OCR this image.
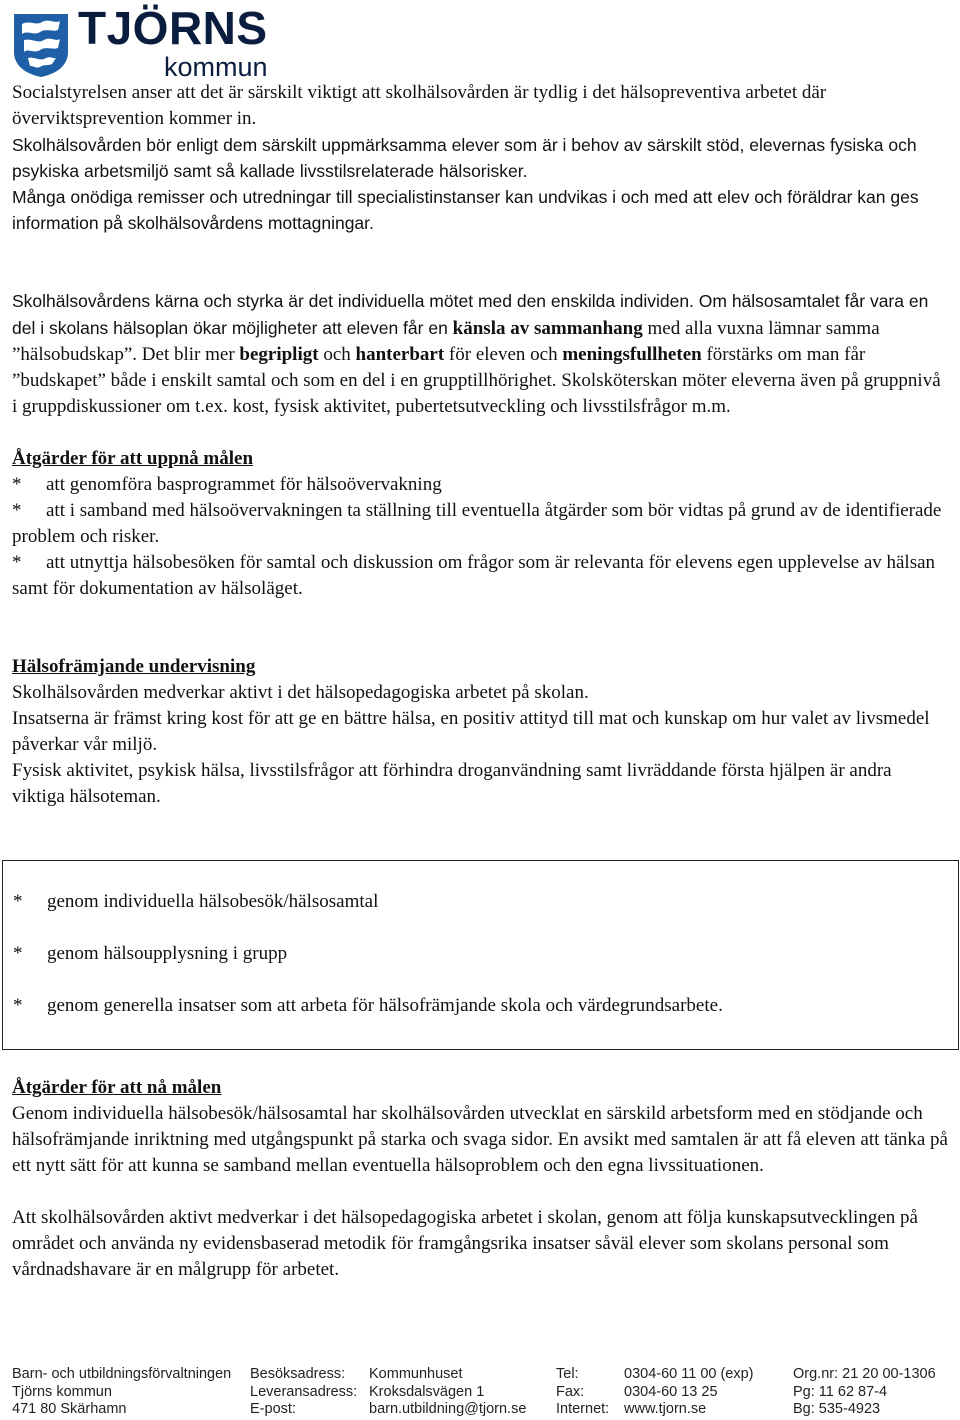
TJÖRNS
kommun

Socialstyrelsen anser att det är särskilt viktigt att skolhälsovården är tydlig i det hälsopreventiva arbetet där överviktsprevention kommer in.

Skolhälsovården bör enligt dem särskilt uppmärksamma elever som är i behov av särskilt stöd, elevernas fysiska och psykiska arbetsmiljö samt så kallade livsstilsrelaterade hälsorisker.

Många onödiga remisser och utredningar till specialistinstanser kan undvikas i och med att elev och föräldrar kan ges information på skolhälsovårdens mottagningar.

Skolhälsovårdens kärna och styrka är det individuella mötet med den enskilda individen. Om hälsosamtalet får vara en del i skolans hälsoplan ökar möjligheter att eleven får en känsla av sammanhang med alla vuxna lämnar samma ”hälsobudskap”. Det blir mer begripligt och hanterbart för eleven och meningsfullheten förstärks om man får ”budskapet” både i enskilt samtal och som en del i en grupptillhörighet. Skolsköterskan möter eleverna även på gruppnivå i gruppdiskussioner om t.ex. kost, fysisk aktivitet, pubertetsutveckling och livsstilsfrågor m.m.

Åtgärder för att uppnå målen

* att genomföra basprogrammet för hälsoövervakning

* att i samband med hälsoövervakningen ta ställning till eventuella åtgärder som bör vidtas på grund av de identifierade problem och risker.

* att utnyttja hälsobesöken för samtal och diskussion om frågor som är relevanta för elevens egen upplevelse av hälsan samt för dokumentation av hälsoläget.

Hälsofrämjande undervisning

Skolhälsovården medverkar aktivt i det hälsopedagogiska arbetet på skolan.

Insatserna är främst kring kost för att ge en bättre hälsa, en positiv attityd till mat och kunskap om hur valet av livsmedel påverkar vår miljö.

Fysisk aktivitet, psykisk hälsa, livsstilsfrågor att förhindra droganvändning samt livräddande första hjälpen är andra viktiga hälsoteman.

* genom individuella hälsobesök/hälsosamtal

* genom hälsoupplysning i grupp

* genom generella insatser som att arbeta för hälsofrämjande skola och värdegrundsarbete.

Åtgärder för att nå målen

Genom individuella hälsobesök/hälsosamtal har skolhälsovården utvecklat en särskild arbetsform med en stödjande och hälsofrämjande inriktning med utgångspunkt på starka och svaga sidor. En avsikt med samtalen är att få eleven att tänka på ett nytt sätt för att kunna se samband mellan eventuella hälsoproblem och den egna livssituationen.

Att skolhälsovården aktivt medverkar i det hälsopedagogiska arbetet i skolan, genom att följa kunskapsutvecklingen på området och använda ny evidensbaserad metodik för framgångsrika insatser såväl elever som skolans personal som vårdnadshavare är en målgrupp för arbetet.

Barn- och utbildningsförvaltningen
Tjörns kommun
471 80 Skärhamn
Besöksadress:
Leveransadress:
E-post:
Kommunhuset
Kroksdalsvägen 1
barn.utbildning@tjorn.se
Tel:
Fax:
Internet:
0304-60 11 00 (exp)
0304-60 13 25
www.tjorn.se
Org.nr: 21 20 00-1306
Pg: 11 62 87-4
Bg: 535-4923
